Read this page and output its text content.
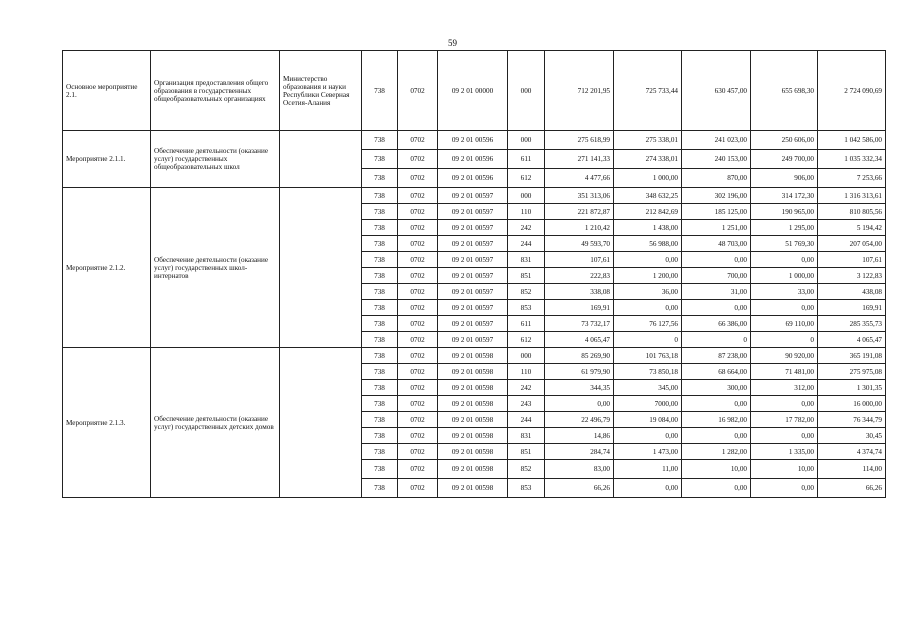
59
Основное мероприятие 2.1.	Организация предоставления общего образования в государственных общеобразовательных организациях	Министерство образования и науки Республики Северная Осетия-Алания	738	0702	09 2 01 00000	000	712 201,95	725 733,44	630 457,00	655 698,30	2 724 090,69
Мероприятие 2.1.1.	Обеспечение деятельности (оказание услуг) государственных общеобразовательных школ		738	0702	09 2 01 00596	000	275 618,99	275 338,01	241 023,00	250 606,00	1 042 586,00
			738	0702	09 2 01 00596	611	271 141,33	274 338,01	240 153,00	249 700,00	1 035 332,34
			738	0702	09 2 01 00596	612	4 477,66	1 000,00	870,00	906,00	7 253,66
Мероприятие 2.1.2.	Обеспечение деятельности (оказание услуг) государственных школ-интернатов		738	0702	09 2 01 00597	000	351 313,06	348 632,25	302 196,00	314 172,30	1 316 313,61
			738	0702	09 2 01 00597	110	221 872,87	212 842,69	185 125,00	190 965,00	810 805,56
			738	0702	09 2 01 00597	242	1 210,42	1 438,00	1 251,00	1 295,00	5 194,42
			738	0702	09 2 01 00597	244	49 593,70	56 988,00	48 703,00	51 769,30	207 054,00
			738	0702	09 2 01 00597	831	107,61	0,00	0,00	0,00	107,61
			738	0702	09 2 01 00597	851	222,83	1 200,00	700,00	1 000,00	3 122,83
			738	0702	09 2 01 00597	852	338,08	36,00	31,00	33,00	438,08
			738	0702	09 2 01 00597	853	169,91	0,00	0,00	0,00	169,91
			738	0702	09 2 01 00597	611	73 732,17	76 127,56	66 386,00	69 110,00	285 355,73
			738	0702	09 2 01 00597	612	4 065,47	0	0	0	4 065,47
Мероприятие 2.1.3.	Обеспечение деятельности (оказание услуг) государственных детских домов		738	0702	09 2 01 00598	000	85 269,90	101 763,18	87 238,00	90 920,00	365 191,08
			738	0702	09 2 01 00598	110	61 979,90	73 850,18	68 664,00	71 481,00	275 975,08
			738	0702	09 2 01 00598	242	344,35	345,00	300,00	312,00	1 301,35
			738	0702	09 2 01 00598	243	0,00	7000,00	0,00	0,00	16 000,00
			738	0702	09 2 01 00598	244	22 496,79	19 084,00	16 982,00	17 782,00	76 344,79
			738	0702	09 2 01 00598	831	14,86	0,00	0,00	0,00	30,45
			738	0702	09 2 01 00598	851	284,74	1 473,00	1 282,00	1 335,00	4 374,74
			738	0702	09 2 01 00598	852	83,00	11,00	10,00	10,00	114,00
			738	0702	09 2 01 00598	853	66,26	0,00	0,00	0,00	66,26
